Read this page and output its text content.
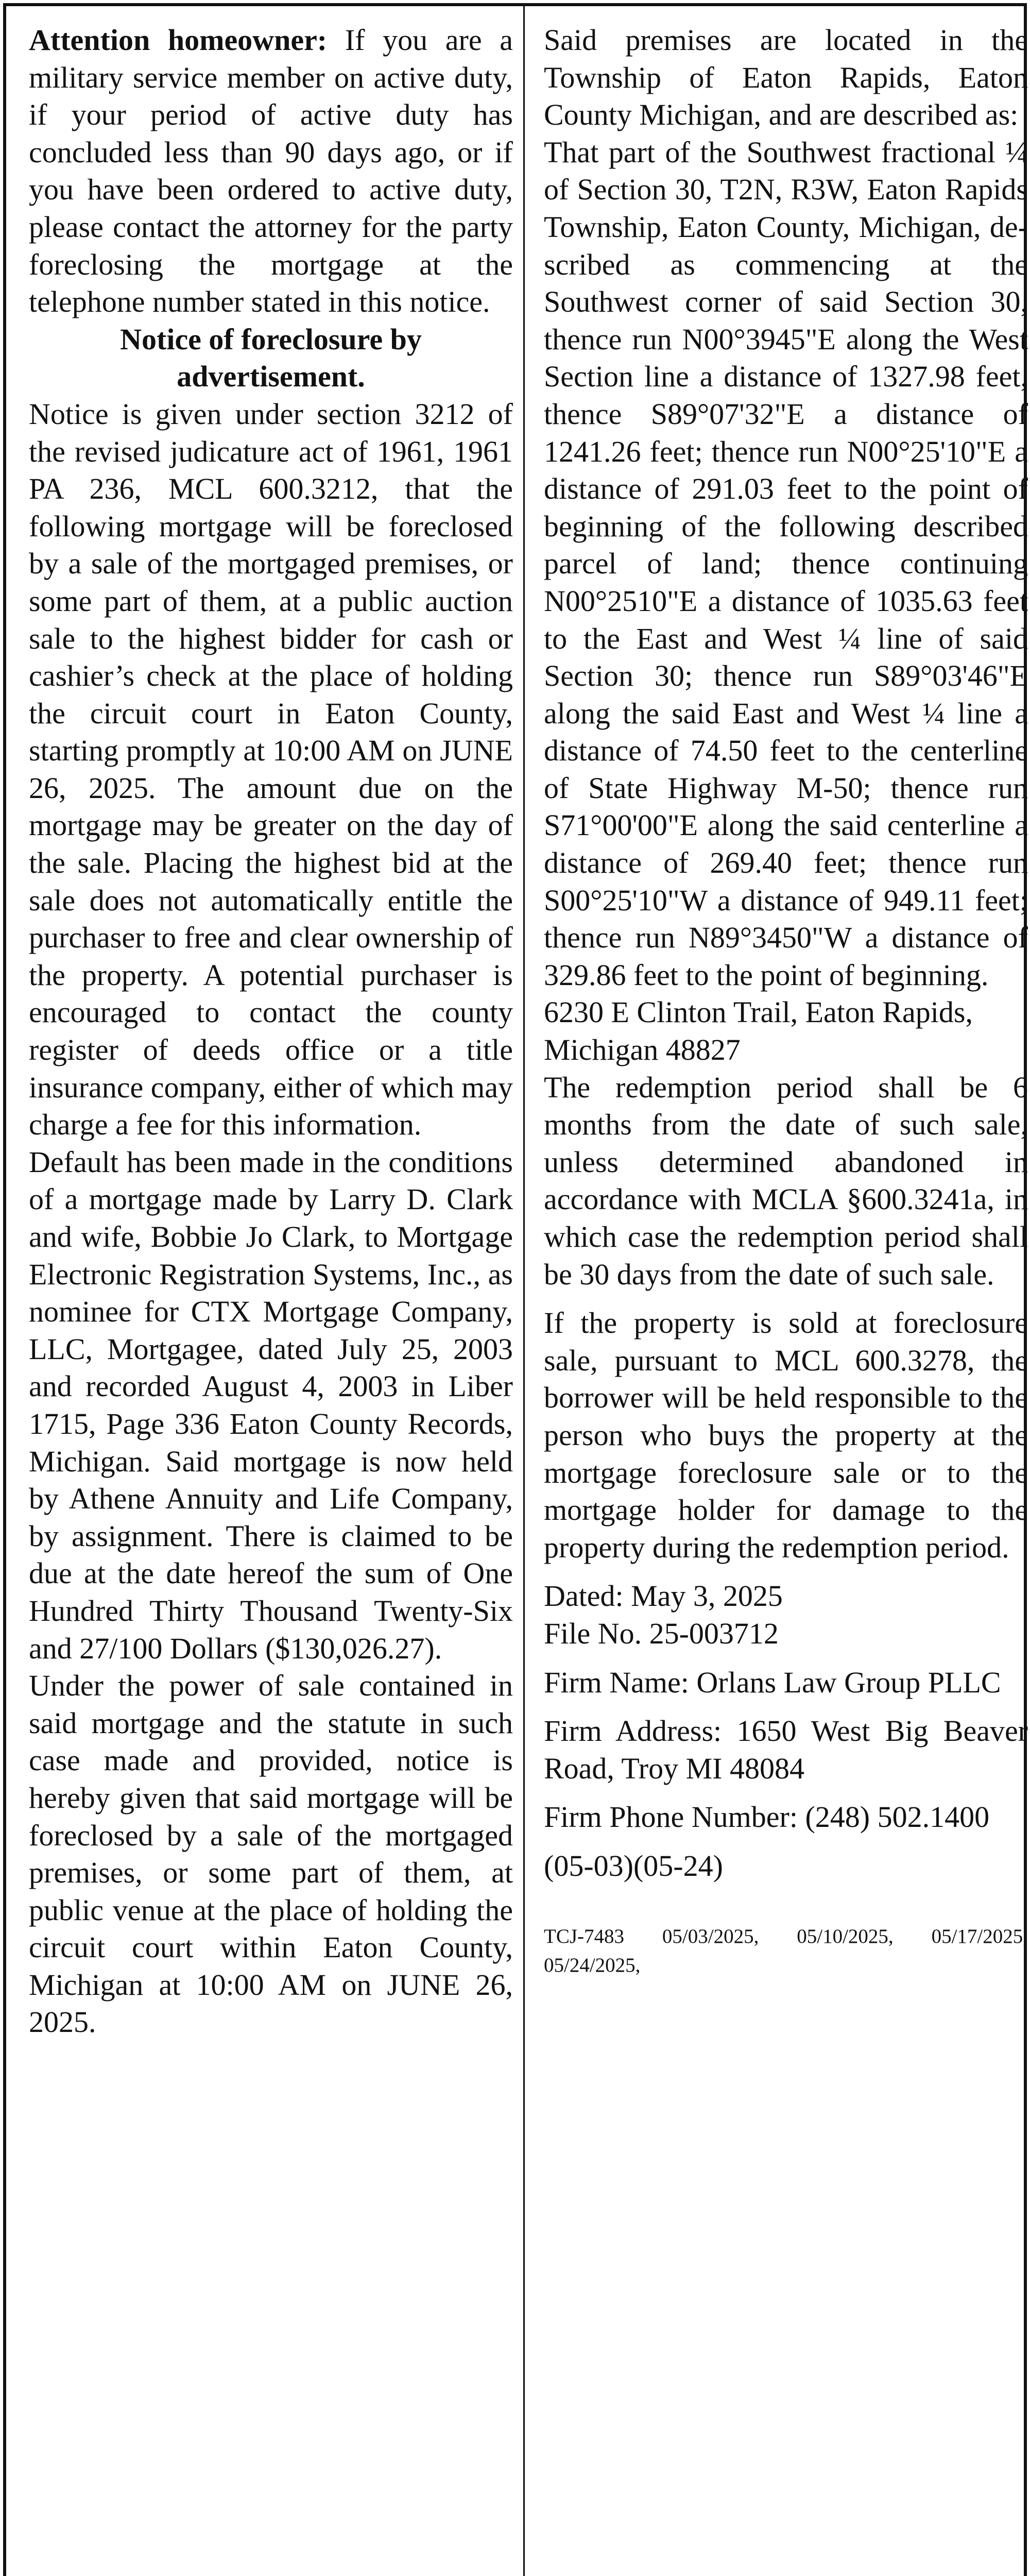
Attention homeowner: If you are a military service member on active duty, if your period of active duty has concluded less than 90 days ago, or if you have been ordered to active duty, please contact the attorney for the party foreclosing the mortgage at the telephone number stated in this notice.

Notice of foreclosure by advertisement.

Notice is given under section 3212 of the revised judicature act of 1961, 1961 PA 236, MCL 600.3212, that the following mortgage will be foreclosed by a sale of the mortgaged premises, or some part of them, at a public auction sale to the highest bidder for cash or cashier’s check at the place of holding the circuit court in Eaton County, starting promptly at 10:00 AM on JUNE 26, 2025. The amount due on the mortgage may be greater on the day of the sale. Placing the highest bid at the sale does not automatically entitle the purchaser to free and clear ownership of the property. A potential purchaser is encouraged to contact the county register of deeds office or a title insurance company, either of which may charge a fee for this information.

Default has been made in the conditions of a mortgage made by Larry D. Clark and wife, Bobbie Jo Clark, to Mortgage Electronic Registration Systems, Inc., as nominee for CTX Mortgage Company, LLC, Mortgagee, dated July 25, 2003 and recorded August 4, 2003 in Liber 1715, Page 336 Eaton County Records, Michigan. Said mortgage is now held by Athene Annuity and Life Company, by assignment. There is claimed to be due at the date hereof the sum of One Hundred Thirty Thousand Twenty-Six and 27/100 Dollars ($130,026.27).

Under the power of sale contained in said mortgage and the statute in such case made and provided, notice is hereby given that said mortgage will be foreclosed by a sale of the mortgaged premises, or some part of them, at public venue at the place of holding the circuit court within Eaton County, Michigan at 10:00 AM on JUNE 26, 2025.

Said premises are located in the Township of Eaton Rapids, Eaton County Michigan, and are described as:

That part of the Southwest fractional ¼ of Section 30, T2N, R3W, Eaton Rapids Township, Eaton County, Michigan, described as commencing at the Southwest corner of said Section 30, thence run N00°3945"E along the West Section line a distance of 1327.98 feet, thence S89°07'32"E a distance of 1241.26 feet; thence run N00°25'10"E a distance of 291.03 feet to the point of beginning of the following described parcel of land; thence continuing N00°2510"E a distance of 1035.63 feet to the East and West ¼ line of said Section 30; thence run S89°03'46"E along the said East and West ¼ line a distance of 74.50 feet to the centerline of State Highway M-50; thence run S71°00'00"E along the said centerline a distance of 269.40 feet; thence run S00°25'10"W a distance of 949.11 feet; thence run N89°3450"W a distance of 329.86 feet to the point of beginning.

6230 E Clinton Trail, Eaton Rapids, Michigan 48827

The redemption period shall be 6 months from the date of such sale, unless determined abandoned in accordance with MCLA §600.3241a, in which case the redemption period shall be 30 days from the date of such sale.

If the property is sold at foreclosure sale, pursuant to MCL 600.3278, the borrower will be held responsible to the person who buys the property at the mortgage foreclosure sale or to the mortgage holder for damage to the property during the redemption period.

Dated: May 3, 2025

File No. 25-003712

Firm Name: Orlans Law Group PLLC

Firm Address: 1650 West Big Beaver Road, Troy MI 48084

Firm Phone Number: (248) 502.1400

(05-03)(05-24)

TCJ-7483 05/03/2025, 05/10/2025, 05/17/2025, 05/24/2025,
